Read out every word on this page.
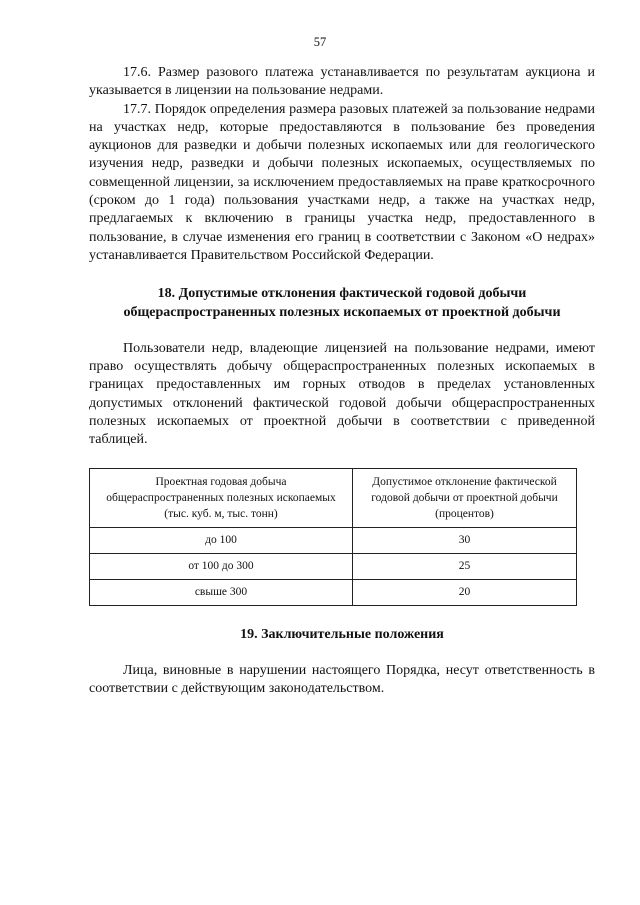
57

17.6. Размер разового платежа устанавливается по результатам аукциона и указывается в лицензии на пользование недрами.

17.7. Порядок определения размера разовых платежей за пользование недрами на участках недр, которые предоставляются в пользование без проведения аукционов для разведки и добычи полезных ископаемых или для геологического изучения недр, разведки и добычи полезных ископаемых, осуществляемых по совмещенной лицензии, за исключением предоставляемых на праве краткосрочного (сроком до 1 года) пользования участками недр, а также на участках недр, предлагаемых к включению в границы участка недр, предоставленного в пользование, в случае изменения его границ в соответствии с Законом «О недрах» устанавливается Правительством Российской Федерации.

18. Допустимые отклонения фактической годовой добычи
общераспространенных полезных ископаемых от проектной добычи

Пользователи недр, владеющие лицензией на пользование недрами, имеют право осуществлять добычу общераспространенных полезных ископаемых в границах предоставленных им горных отводов в пределах установленных допустимых отклонений фактической годовой добычи общераспространенных полезных ископаемых от проектной добычи в соответствии с приведенной таблицей.

Проектная годовая добыча общераспространенных полезных ископаемых (тыс. куб. м, тыс. тонн)	Допустимое отклонение фактической годовой добычи от проектной добычи (процентов)
до 100	30
от 100 до 300	25
свыше 300	20
19. Заключительные положения

Лица, виновные в нарушении настоящего Порядка, несут ответственность в соответствии с действующим законодательством.
